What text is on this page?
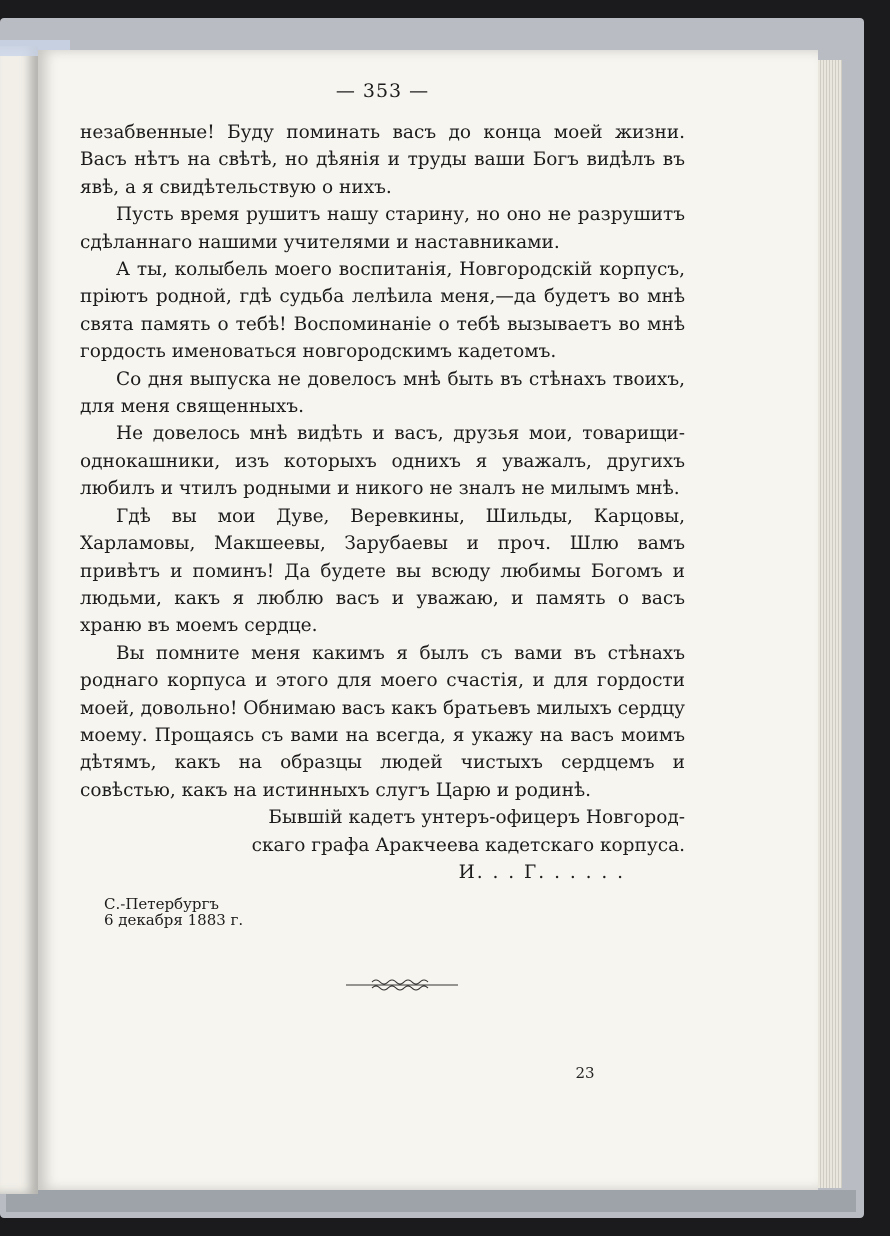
— 353 —

незабвенные! Буду поминать васъ до конца моей жизни. Васъ нѣтъ на свѣтѣ, но дѣянія и труды ваши Богъ видѣлъ въ явѣ, а я свидѣтельствую о нихъ.

Пусть время рушитъ нашу старину, но оно не разрушитъ сдѣланнаго нашими учителями и наставниками.

А ты, колыбель моего воспитанія, Новгородскій корпусъ, пріютъ родной, гдѣ судьба лелѣила меня,—да будетъ во мнѣ свята память о тебѣ! Воспоминаніе о тебѣ вызываетъ во мнѣ гордость именоваться новгородскимъ кадетомъ.

Со дня выпуска не довелосъ мнѣ быть въ стѣнахъ твоихъ, для меня священныхъ.

Не довелось мнѣ видѣть и васъ, друзья мои, товарищи-однокашники, изъ которыхъ однихъ я уважалъ, другихъ любилъ и чтилъ родными и никого не зналъ не милымъ мнѣ.

Гдѣ вы мои Дуве, Веревкины, Шильды, Карцовы, Харламовы, Макшеевы, Зарубаевы и проч. Шлю вамъ привѣтъ и поминъ! Да будете вы всюду любимы Богомъ и людьми, какъ я люблю васъ и уважаю, и память о васъ храню въ моемъ сердце.

Вы помните меня какимъ я былъ съ вами въ стѣнахъ роднаго корпуса и этого для моего счастія, и для гордости моей, довольно! Обнимаю васъ какъ братьевъ милыхъ сердцу моему. Прощаясь съ вами на всегда, я укажу на васъ моимъ дѣтямъ, какъ на образцы людей чистыхъ сердцемъ и совѣстью, какъ на истинныхъ слугъ Царю и родинѣ.

Бывшій кадетъ унтеръ-офицеръ Новгород-
скаго графа Аракчеева кадетскаго корпуса.
И. . . Г. . . . . .
С.-Петербургъ
6 декабря 1883 г.
23
